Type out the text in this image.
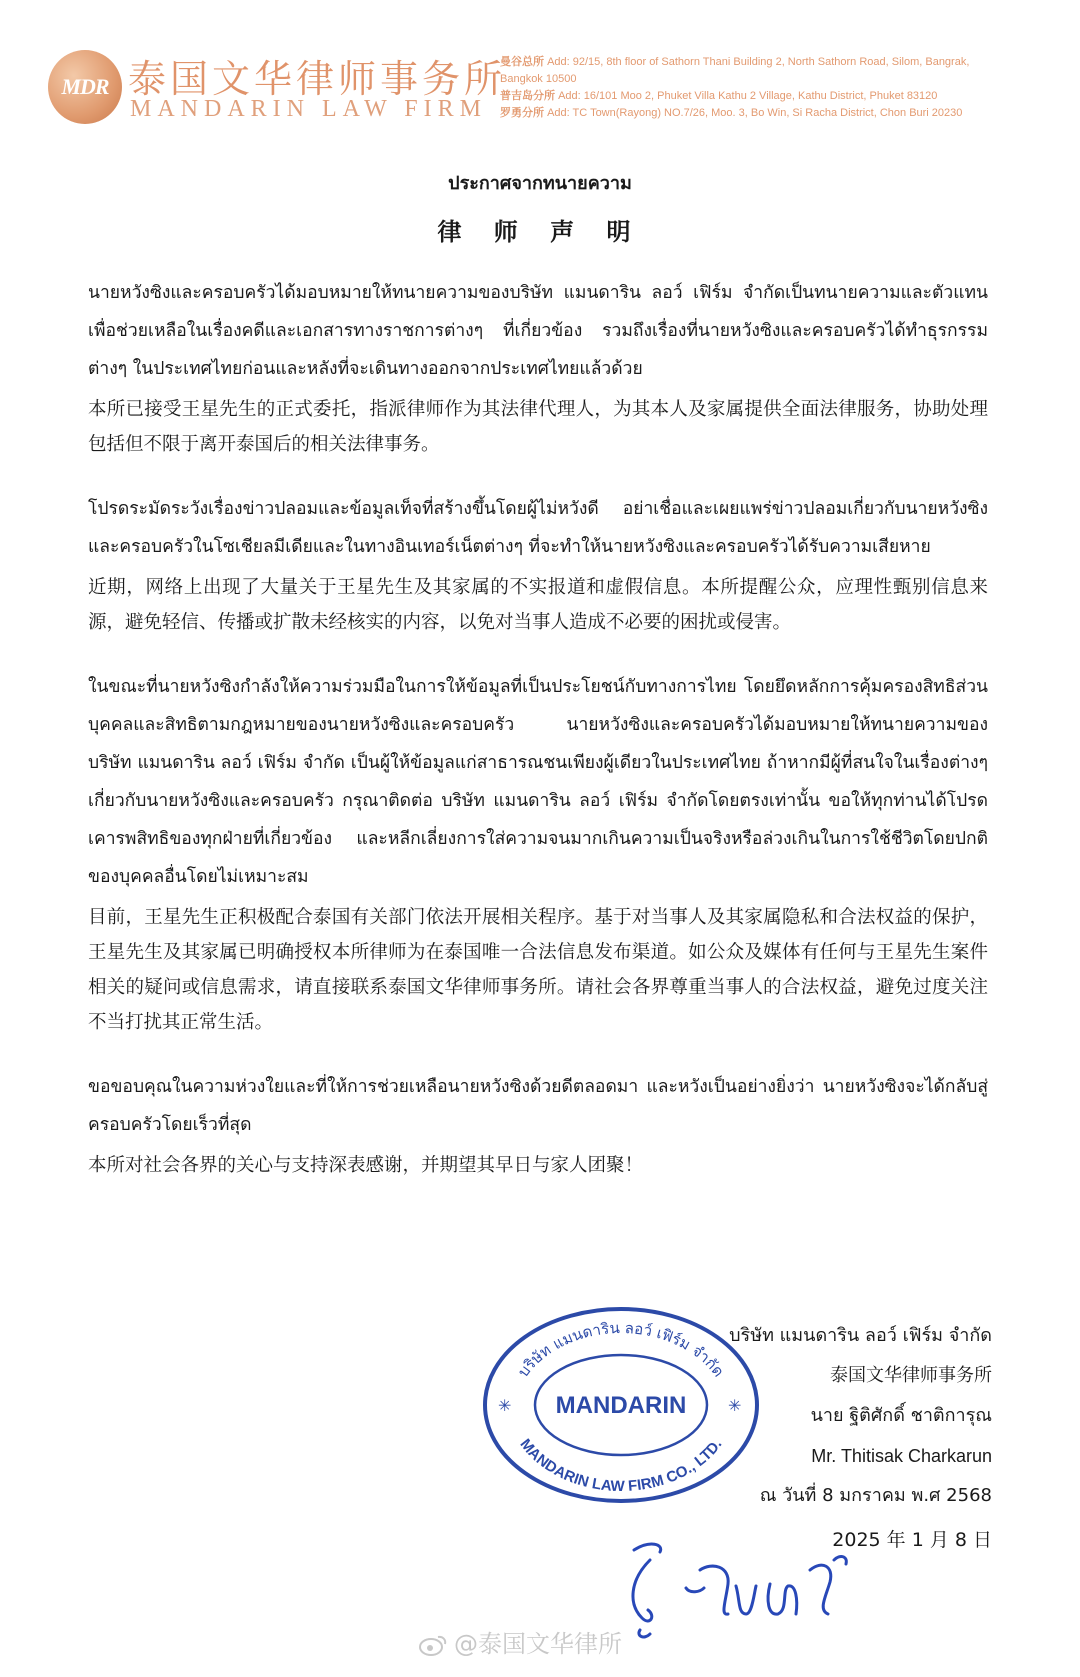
MDR 泰国文华律师事务所
MANDARIN LAW FIRM
曼谷总所 Add: 92/15, 8th floor of Sathorn Thani Building 2, North Sathorn Road, Silom, Bangrak,
Bangkok 10500
普吉岛分所 Add: 16/101 Moo 2, Phuket Villa Kathu 2 Village, Kathu District, Phuket 83120
罗勇分所 Add: TC Town(Rayong) NO.7/26, Moo. 3, Bo Win, Si Racha District, Chon Buri 20230
ประกาศจากทนายความ
律 师 声 明

นายหวังซิงและครอบครัวได้มอบหมายให้ทนายความของบริษัท แมนดาริน ลอว์ เฟิร์ม จำกัดเป็นทนายความและตัวแทนเพื่อช่วยเหลือในเรื่องคดีและเอกสารทางราชการต่างๆ ที่เกี่ยวข้อง รวมถึงเรื่องที่นายหวังซิงและครอบครัวได้ทำธุรกรรมต่างๆ ในประเทศไทยก่อนและหลังที่จะเดินทางออกจากประเทศไทยแล้วด้วย

本所已接受王星先生的正式委托，指派律师作为其法律代理人，为其本人及家属提供全面法律服务，协助处理包括但不限于离开泰国后的相关法律事务。

โปรดระมัดระวังเรื่องข่าวปลอมและข้อมูลเท็จที่สร้างขึ้นโดยผู้ไม่หวังดี อย่าเชื่อและเผยแพร่ข่าวปลอมเกี่ยวกับนายหวังซิงและครอบครัวในโซเชียลมีเดียและในทางอินเทอร์เน็ตต่างๆ ที่จะทำให้นายหวังซิงและครอบครัวได้รับความเสียหาย

近期，网络上出现了大量关于王星先生及其家属的不实报道和虚假信息。本所提醒公众，应理性甄别信息来源，避免轻信、传播或扩散未经核实的内容，以免对当事人造成不必要的困扰或侵害。

ในขณะที่นายหวังซิงกำลังให้ความร่วมมือในการให้ข้อมูลที่เป็นประโยชน์กับทางการไทย โดยยึดหลักการคุ้มครองสิทธิส่วนบุคคลและสิทธิตามกฎหมายของนายหวังซิงและครอบครัว นายหวังซิงและครอบครัวได้มอบหมายให้ทนายความของ บริษัท แมนดาริน ลอว์ เฟิร์ม จำกัด เป็นผู้ให้ข้อมูลแก่สาธารณชนเพียงผู้เดียวในประเทศไทย ถ้าหากมีผู้ที่สนใจในเรื่องต่างๆ เกี่ยวกับนายหวังซิงและครอบครัว กรุณาติดต่อ บริษัท แมนดาริน ลอว์ เฟิร์ม จำกัดโดยตรงเท่านั้น ขอให้ทุกท่านได้โปรดเคารพสิทธิของทุกฝ่ายที่เกี่ยวข้อง และหลีกเลี่ยงการใส่ความจนมากเกินความเป็นจริงหรือล่วงเกินในการใช้ชีวิตโดยปกติของบุคคลอื่นโดยไม่เหมาะสม

目前，王星先生正积极配合泰国有关部门依法开展相关程序。基于对当事人及其家属隐私和合法权益的保护，王星先生及其家属已明确授权本所律师为在泰国唯一合法信息发布渠道。如公众及媒体有任何与王星先生案件相关的疑问或信息需求，请直接联系泰国文华律师事务所。请社会各界尊重当事人的合法权益，避免过度关注不当打扰其正常生活。

ขอขอบคุณในความห่วงใยและที่ให้การช่วยเหลือนายหวังซิงด้วยดีตลอดมา และหวังเป็นอย่างยิ่งว่า นายหวังซิงจะได้กลับสู่ครอบครัวโดยเร็วที่สุด

本所对社会各界的关心与支持深表感谢，并期望其早日与家人团聚！

บริษัท แมนดาริน ลอว์ เฟิร์ม จำกัด
MANDARIN LAW FIRM CO., LTD.
MANDARIN
✳	✳
บริษัท แมนดาริน ลอว์ เฟิร์ม จำกัด
泰国文华律师事务所
นาย ฐิติศักดิ์ ชาติการุณ
Mr. Thitisak Charkarun
ณ วันที่ 8 มกราคม พ.ศ 2568
2025 年 1 月 8 日
@泰国文华律所
